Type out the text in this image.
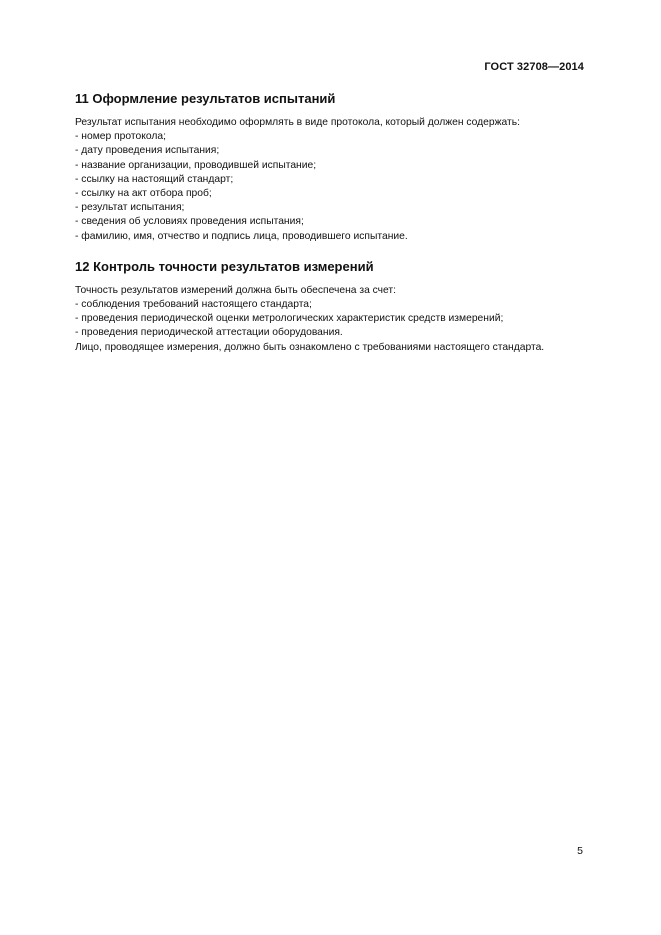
ГОСТ 32708—2014
11 Оформление результатов испытаний

Результат испытания необходимо оформлять в виде протокола, который должен содержать:

- номер протокола;
- дату проведения испытания;
- название организации, проводившей испытание;
- ссылку на настоящий стандарт;
- ссылку на акт отбора проб;
- результат испытания;
- сведения об условиях проведения испытания;
- фамилию, имя, отчество и подпись лица, проводившего испытание.
12 Контроль точности результатов измерений

Точность результатов измерений должна быть обеспечена за счет:

- соблюдения требований настоящего стандарта;
- проведения периодической оценки метрологических характеристик средств измерений;
- проведения периодической аттестации оборудования.

Лицо, проводящее измерения, должно быть ознакомлено с требованиями настоящего стандарта.

5
